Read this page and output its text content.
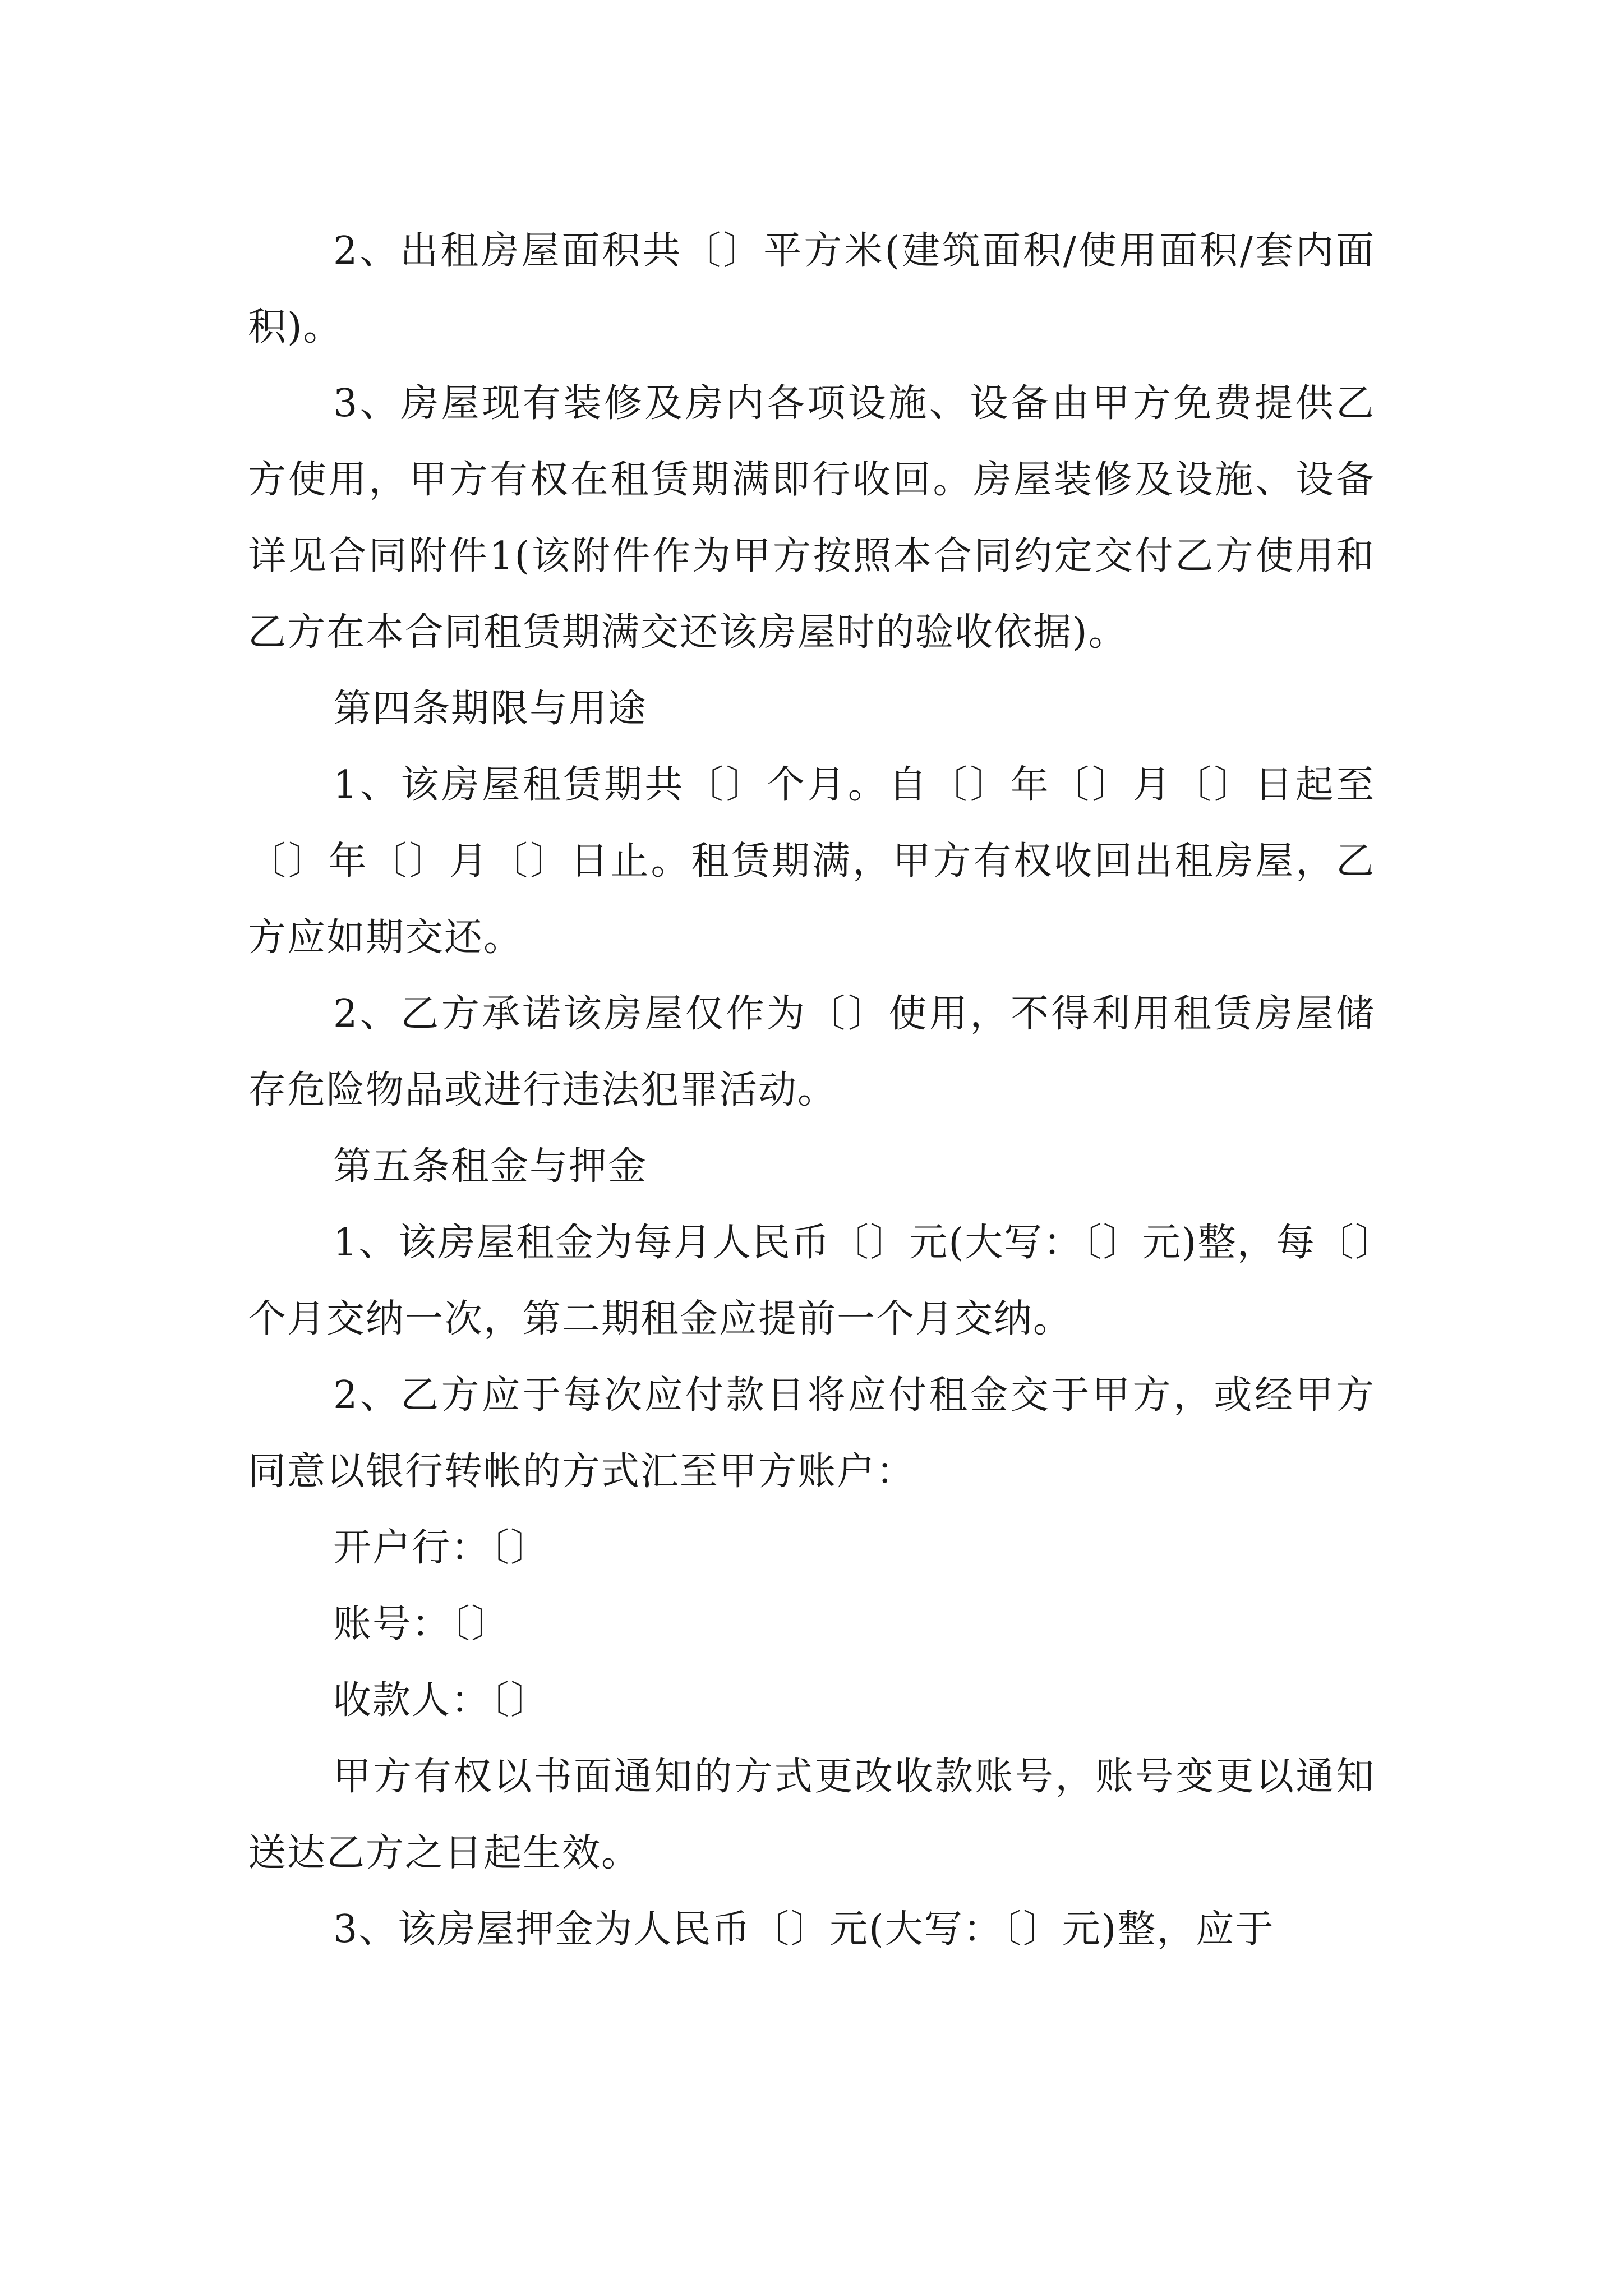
2、出租房屋面积共〔〕平方米(建筑面积/使用面积/套内面积)。

3、房屋现有装修及房内各项设施、设备由甲方免费提供乙方使用，甲方有权在租赁期满即行收回。房屋装修及设施、设备详见合同附件1(该附件作为甲方按照本合同约定交付乙方使用和乙方在本合同租赁期满交还该房屋时的验收依据)。

第四条期限与用途

1、该房屋租赁期共〔〕个月。自〔〕年〔〕月〔〕日起至〔〕年〔〕月〔〕日止。租赁期满，甲方有权收回出租房屋，乙方应如期交还。

2、乙方承诺该房屋仅作为〔〕使用，不得利用租赁房屋储存危险物品或进行违法犯罪活动。

第五条租金与押金

1、该房屋租金为每月人民币〔〕元(大写：〔〕元)整，每〔〕个月交纳一次，第二期租金应提前一个月交纳。

2、乙方应于每次应付款日将应付租金交于甲方，或经甲方同意以银行转帐的方式汇至甲方账户：

开户行：〔〕

账号：〔〕

收款人：〔〕

甲方有权以书面通知的方式更改收款账号，账号变更以通知送达乙方之日起生效。

3、该房屋押金为人民币〔〕元(大写：〔〕元)整，应于
